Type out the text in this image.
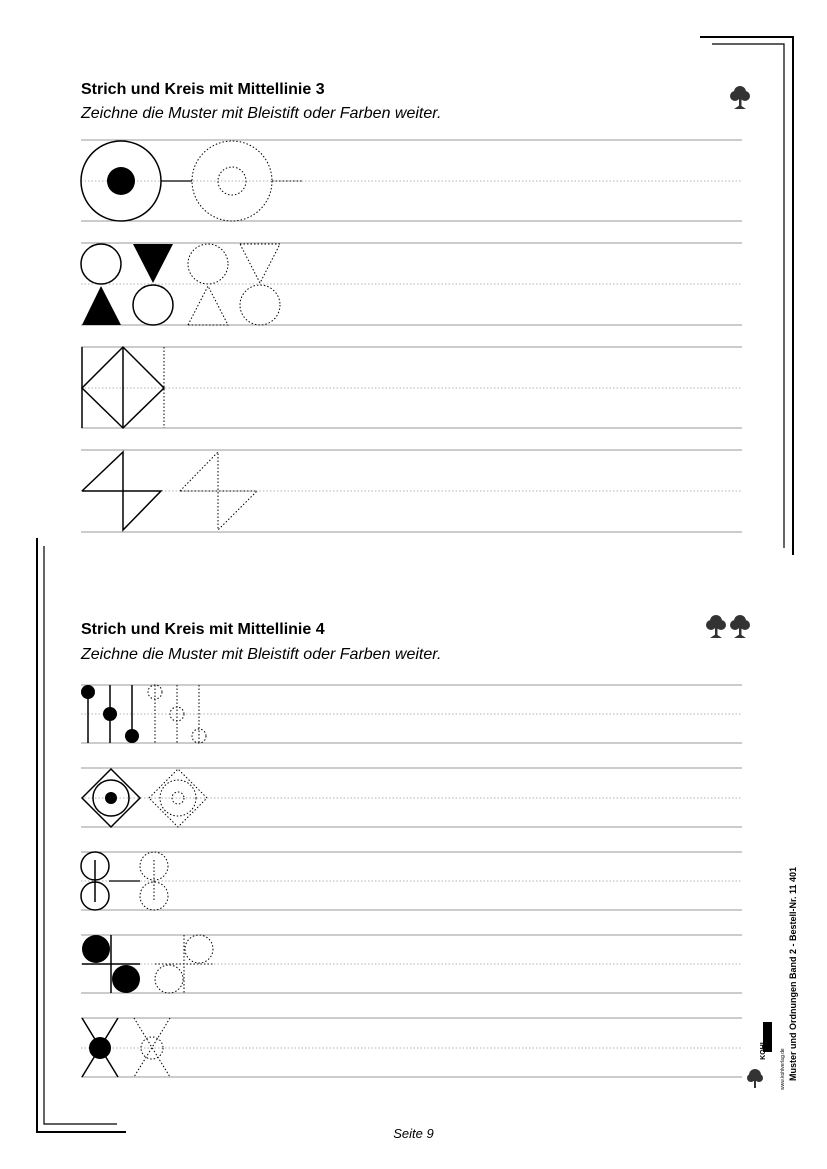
Strich und Kreis mit Mittellinie 3
Zeichne die Muster mit Bleistift oder Farben weiter.
Strich und Kreis mit Mittellinie 4
Zeichne die Muster mit Bleistift oder Farben weiter.
Muster und Ordnungen Band 2 - Bestell-Nr. 11 401
www.kohlverlag.de
KOHL
Seite 9
